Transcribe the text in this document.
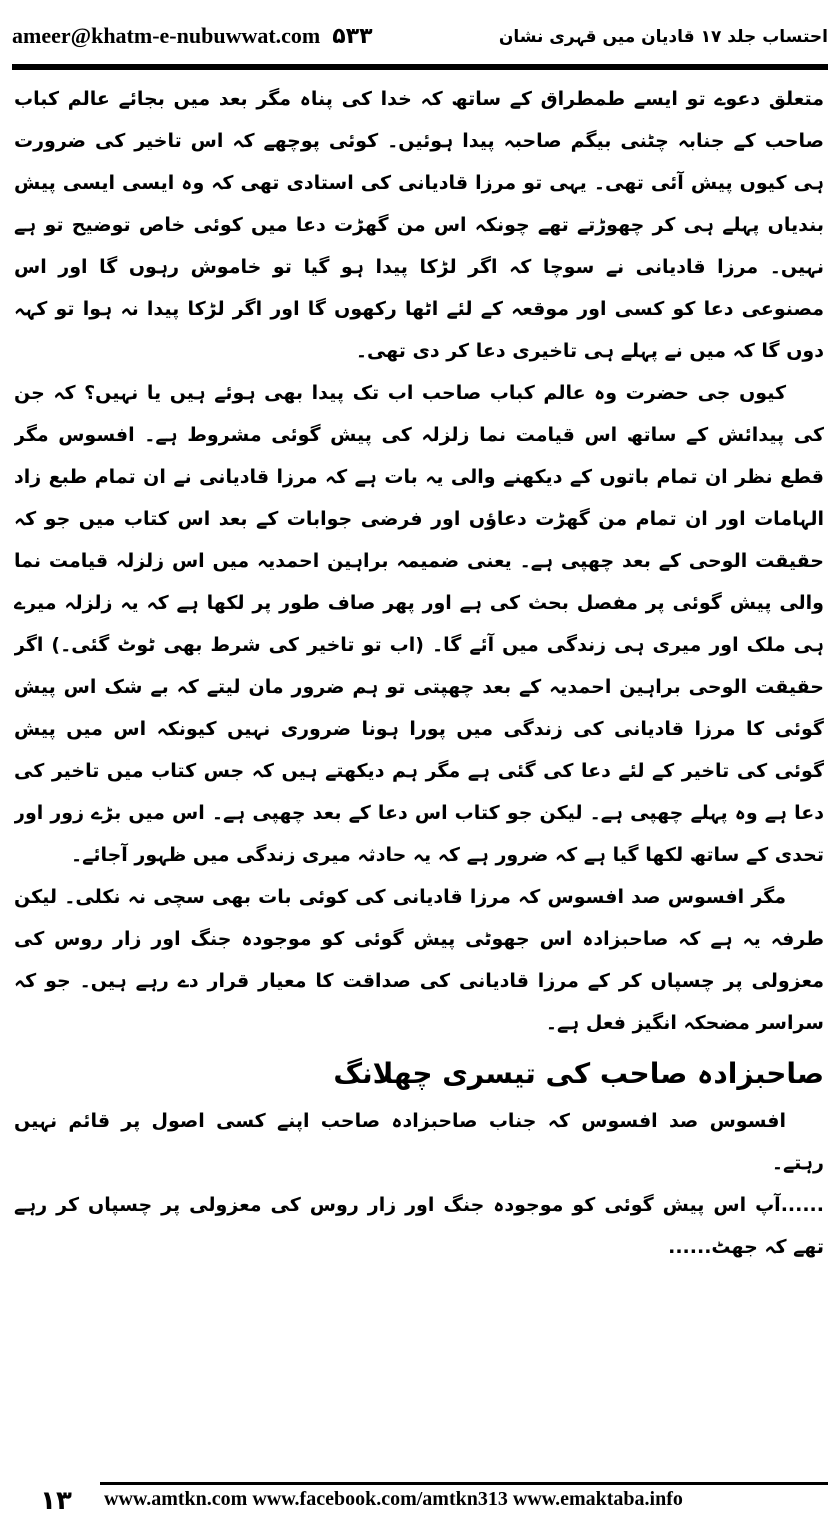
ameer@khatm-e-nubuwwat.com ۵۳۳	احتساب جلد ۱۷ قادیان میں قہری نشان

متعلق دعوے تو ایسے طمطراق کے ساتھ کہ خدا کی پناہ مگر بعد میں بجائے عالم کباب صاحب کے جنابہ چٹنی بیگم صاحبہ پیدا ہوئیں۔ کوئی پوچھے کہ اس تاخیر کی ضرورت ہی کیوں پیش آئی تھی۔ یہی تو مرزا قادیانی کی استادی تھی کہ وہ ایسی ایسی پیش بندیاں پہلے ہی کر چھوڑتے تھے چونکہ اس من گھڑت دعا میں کوئی خاص توضیح تو ہے نہیں۔ مرزا قادیانی نے سوچا کہ اگر لڑکا پیدا ہو گیا تو خاموش رہوں گا اور اس مصنوعی دعا کو کسی اور موقعہ کے لئے اٹھا رکھوں گا اور اگر لڑکا پیدا نہ ہوا تو کہہ دوں گا کہ میں نے پہلے ہی تاخیری دعا کر دی تھی۔

کیوں جی حضرت وہ عالم کباب صاحب اب تک پیدا بھی ہوئے ہیں یا نہیں؟ کہ جن کی پیدائش کے ساتھ اس قیامت نما زلزلہ کی پیش گوئی مشروط ہے۔ افسوس مگر قطع نظر ان تمام باتوں کے دیکھنے والی یہ بات ہے کہ مرزا قادیانی نے ان تمام طبع زاد الہامات اور ان تمام من گھڑت دعاؤں اور فرضی جوابات کے بعد اس کتاب میں جو کہ حقیقت الوحی کے بعد چھپی ہے۔ یعنی ضمیمہ براہین احمدیہ میں اس زلزلہ قیامت نما والی پیش گوئی پر مفصل بحث کی ہے اور پھر صاف طور پر لکھا ہے کہ یہ زلزلہ میرے ہی ملک اور میری ہی زندگی میں آئے گا۔ (اب تو تاخیر کی شرط بھی ٹوٹ گئی۔) اگر حقیقت الوحی براہین احمدیہ کے بعد چھپتی تو ہم ضرور مان لیتے کہ بے شک اس پیش گوئی کا مرزا قادیانی کی زندگی میں پورا ہونا ضروری نہیں کیونکہ اس میں پیش گوئی کی تاخیر کے لئے دعا کی گئی ہے مگر ہم دیکھتے ہیں کہ جس کتاب میں تاخیر کی دعا ہے وہ پہلے چھپی ہے۔ لیکن جو کتاب اس دعا کے بعد چھپی ہے۔ اس میں بڑے زور اور تحدی کے ساتھ لکھا گیا ہے کہ ضرور ہے کہ یہ حادثہ میری زندگی میں ظہور آجائے۔

مگر افسوس صد افسوس کہ مرزا قادیانی کی کوئی بات بھی سچی نہ نکلی۔ لیکن طرفہ یہ ہے کہ صاحبزادہ اس جھوٹی پیش گوئی کو موجودہ جنگ اور زار روس کی معزولی پر چسپاں کر کے مرزا قادیانی کی صداقت کا معیار قرار دے رہے ہیں۔ جو کہ سراسر مضحکہ انگیز فعل ہے۔

صاحبزادہ صاحب کی تیسری چھلانگ

افسوس صد افسوس کہ جناب صاحبزادہ صاحب اپنے کسی اصول پر قائم نہیں رہتے۔

......آپ اس پیش گوئی کو موجودہ جنگ اور زار روس کی معزولی پر چسپاں کر رہے تھے کہ جھٹ......

۱۳	www.amtkn.com www.facebook.com/amtkn313 www.emaktaba.info
